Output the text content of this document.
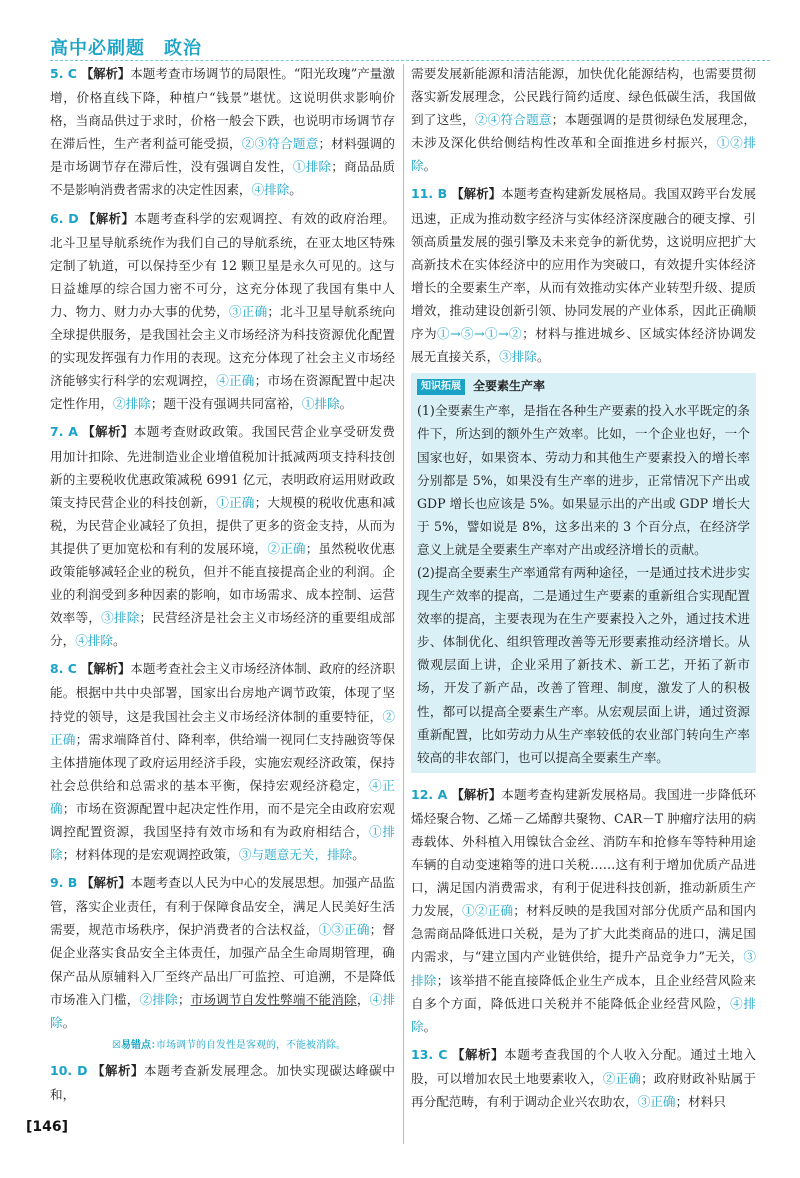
高中必刷题　政治
5. C 【解析】本题考查市场调节的局限性。“阳光玫瑰”产量激增，价格直线下降，种植户“钱景”堪忧。这说明供求影响价格，当商品供过于求时，价格一般会下跌，也说明市场调节存在滞后性，生产者利益可能受损，②③符合题意；材料强调的是市场调节存在滞后性，没有强调自发性，①排除；商品品质不是影响消费者需求的决定性因素，④排除。
6. D 【解析】本题考查科学的宏观调控、有效的政府治理。北斗卫星导航系统作为我们自己的导航系统，在亚太地区特殊定制了轨道，可以保持至少有 12 颗卫星是永久可见的。这与日益雄厚的综合国力密不可分，这充分体现了我国有集中人力、物力、财力办大事的优势，③正确；北斗卫星导航系统向全球提供服务，是我国社会主义市场经济为科技资源优化配置的实现发挥强有力作用的表现。这充分体现了社会主义市场经济能够实行科学的宏观调控，④正确；市场在资源配置中起决定性作用，②排除；题干没有强调共同富裕，①排除。
7. A 【解析】本题考查财政政策。我国民营企业享受研发费用加计扣除、先进制造业企业增值税加计抵减两项支持科技创新的主要税收优惠政策减税 6991 亿元，表明政府运用财政政策支持民营企业的科技创新，①正确；大规模的税收优惠和减税，为民营企业减轻了负担，提供了更多的资金支持，从而为其提供了更加宽松和有利的发展环境，②正确；虽然税收优惠政策能够减轻企业的税负，但并不能直接提高企业的利润。企业的利润受到多种因素的影响，如市场需求、成本控制、运营效率等，③排除；民营经济是社会主义市场经济的重要组成部分，④排除。
8. C 【解析】本题考查社会主义市场经济体制、政府的经济职能。根据中共中央部署，国家出台房地产调节政策，体现了坚持党的领导，这是我国社会主义市场经济体制的重要特征，②正确；需求端降首付、降利率，供给端一视同仁支持融资等保主体措施体现了政府运用经济手段，实施宏观经济政策，保持社会总供给和总需求的基本平衡，保持宏观经济稳定，④正确；市场在资源配置中起决定性作用，而不是完全由政府宏观调控配置资源，我国坚持有效市场和有为政府相结合，①排除；材料体现的是宏观调控政策，③与题意无关，排除。
9. B 【解析】本题考查以人民为中心的发展思想。加强产品监管，落实企业责任，有利于保障食品安全，满足人民美好生活需要，规范市场秩序，保护消费者的合法权益，①③正确；督促企业落实食品安全主体责任，加强产品全生命周期管理，确保产品从原辅料入厂至终产品出厂可监控、可追溯，不是降低市场准入门槛，②排除；市场调节自发性弊端不能消除，④排除。
☒易错点：
市场调节的自发性是客观的，不能被消除。
10. D 【解析】本题考查新发展理念。加快实现碳达峰碳中和，
需要发展新能源和清洁能源，加快优化能源结构，也需要贯彻落实新发展理念，公民践行简约适度、绿色低碳生活，我国做到了这些，②④符合题意；本题强调的是贯彻绿色发展理念，未涉及深化供给侧结构性改革和全面推进乡村振兴，①②排除。
11. B 【解析】本题考查构建新发展格局。我国双跨平台发展迅速，正成为推动数字经济与实体经济深度融合的硬支撑、引领高质量发展的强引擎及未来竞争的新优势，这说明应把扩大高新技术在实体经济中的应用作为突破口，有效提升实体经济增长的全要素生产率，从而有效推动实体产业转型升级、提质增效，推动建设创新引领、协同发展的产业体系，因此正确顺序为①→⑤→①→②；材料与推进城乡、区域实体经济协调发展无直接关系，③排除。
知识拓展	全要素生产率

(1)全要素生产率，是指在各种生产要素的投入水平既定的条件下，所达到的额外生产效率。比如，一个企业也好，一个国家也好，如果资本、劳动力和其他生产要素投入的增长率分别都是 5%，如果没有生产率的进步，正常情况下产出或 GDP 增长也应该是 5%。如果显示出的产出或 GDP 增长大于 5%，譬如说是 8%，这多出来的 3 个百分点，在经济学意义上就是全要素生产率对产出或经济增长的贡献。

(2)提高全要素生产率通常有两种途径，一是通过技术进步实现生产效率的提高，二是通过生产要素的重新组合实现配置效率的提高，主要表现为在生产要素投入之外，通过技术进步、体制优化、组织管理改善等无形要素推动经济增长。从微观层面上讲，企业采用了新技术、新工艺，开拓了新市场，开发了新产品，改善了管理、制度，激发了人的积极性，都可以提高全要素生产率。从宏观层面上讲，通过资源重新配置，比如劳动力从生产率较低的农业部门转向生产率较高的非农部门，也可以提高全要素生产率。

12. A 【解析】本题考查构建新发展格局。我国进一步降低环烯烃聚合物、乙烯－乙烯醇共聚物、CAR－T 肿瘤疗法用的病毒载体、外科植入用镍钛合金丝、消防车和抢修车等特种用途车辆的自动变速箱等的进口关税……这有利于增加优质产品进口，满足国内消费需求，有利于促进科技创新，推动新质生产力发展，①②正确；材料反映的是我国对部分优质产品和国内急需商品降低进口关税，是为了扩大此类商品的进口，满足国内需求，与“建立国内产业链供给，提升产品竞争力”无关，③排除；该举措不能直接降低企业生产成本，且企业经营风险来自多个方面，降低进口关税并不能降低企业经营风险，④排除。
13. C 【解析】本题考查我国的个人收入分配。通过土地入股，可以增加农民土地要素收入，②正确；政府财政补贴属于再分配范畴，有利于调动企业兴农助农，③正确；材料只
[146]
